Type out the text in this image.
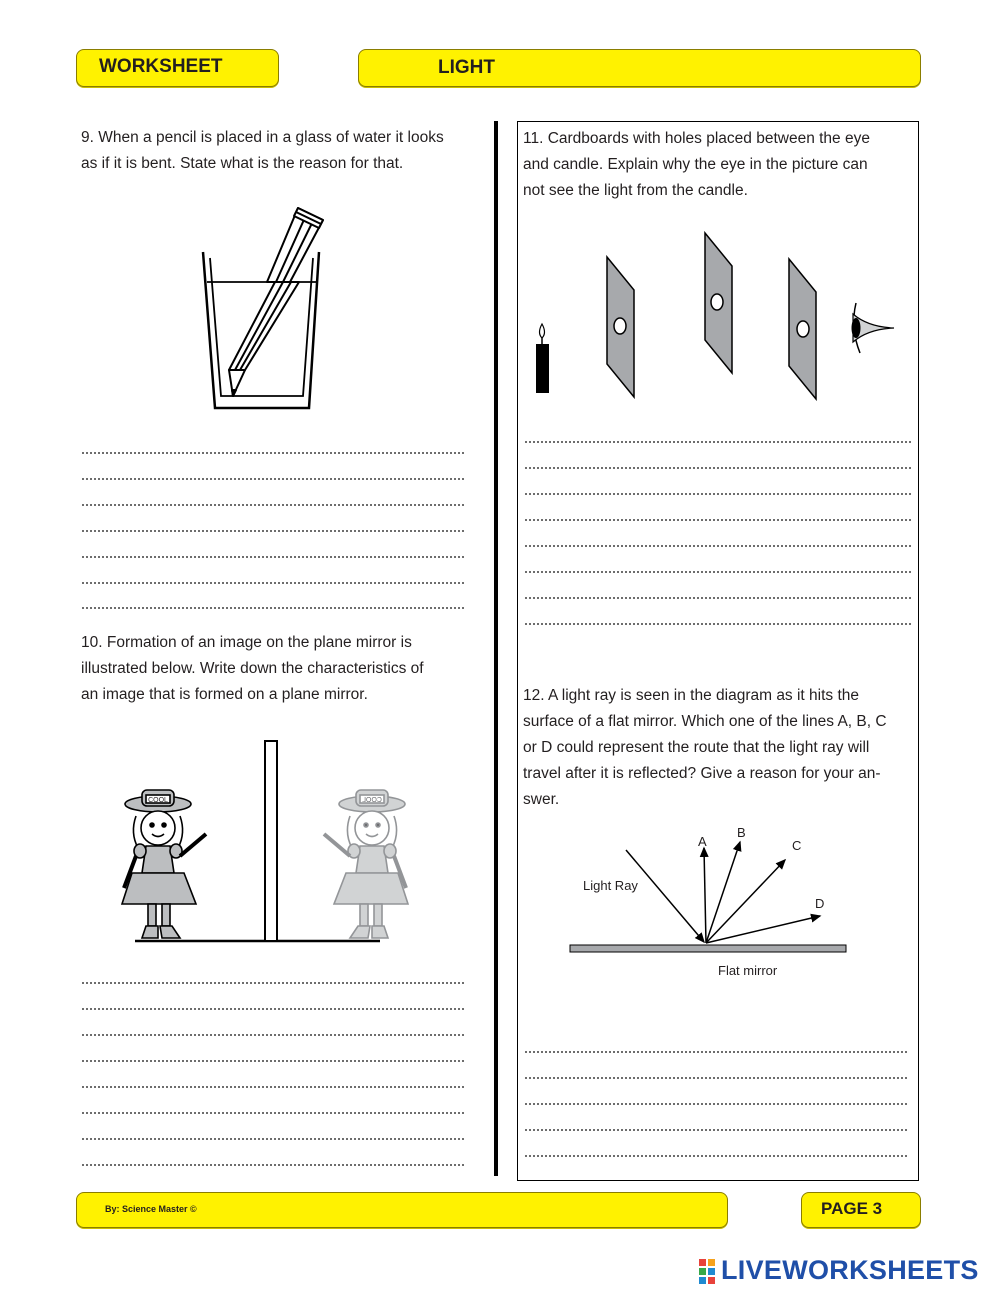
WORKSHEET	LIGHT

9. When a pencil is placed in a glass of water it looks
as if it is bent. State what is the reason for that.

10. Formation of an image on the plane mirror is
illustrated below. Write down the characteristics of
an image that is formed on a plane mirror.

COOL	COOL

11. Cardboards with holes placed between the eye
and candle. Explain why the eye in the picture can
not see the light from the candle.

12. A light ray is seen in the diagram as it hits the
surface of a flat mirror. Which one of the lines A, B, C
or D could represent the route that the light ray will
travel after it is reflected? Give a reason for your an-
swer.

A
B
C
D
Light Ray
Flat mirror
By: Science Master ©	PAGE 3
LIVEWORKSHEETS
